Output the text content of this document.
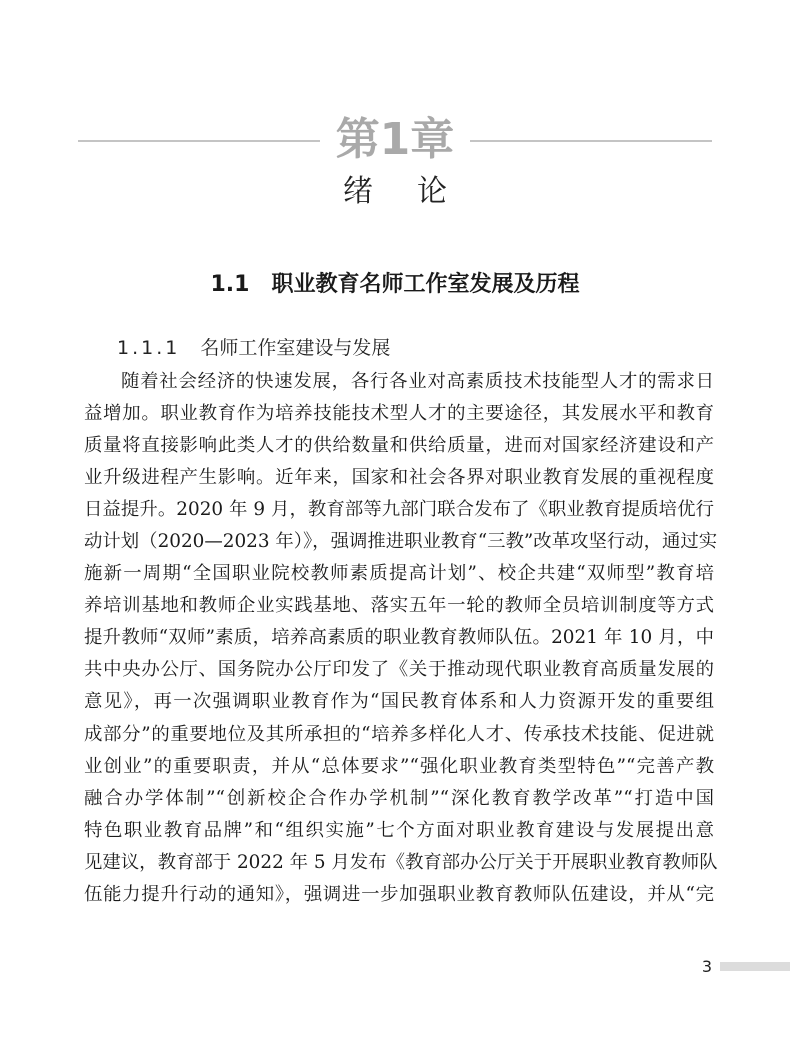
第1章
绪论
1.1 职业教育名师工作室发展及历程
1.1.1 名师工作室建设与发展
随着社会经济的快速发展，各行各业对高素质技术技能型人才的需求日
益增加。职业教育作为培养技能技术型人才的主要途径，其发展水平和教育
质量将直接影响此类人才的供给数量和供给质量，进而对国家经济建设和产
业升级进程产生影响。近年来，国家和社会各界对职业教育发展的重视程度
日益提升。2020 年 9 月，教育部等九部门联合发布了《职业教育提质培优行
动计划（2020—2023 年）》，强调推进职业教育“三教”改革攻坚行动，通过实
施新一周期“全国职业院校教师素质提高计划”、校企共建“双师型”教育培
养培训基地和教师企业实践基地、落实五年一轮的教师全员培训制度等方式
提升教师“双师”素质，培养高素质的职业教育教师队伍。2021 年 10 月，中
共中央办公厅、国务院办公厅印发了《关于推动现代职业教育高质量发展的
意见》，再一次强调职业教育作为“国民教育体系和人力资源开发的重要组
成部分”的重要地位及其所承担的“培养多样化人才、传承技术技能、促进就
业创业”的重要职责，并从“总体要求”“强化职业教育类型特色”“完善产教
融合办学体制”“创新校企合作办学机制”“深化教育教学改革”“打造中国
特色职业教育品牌”和“组织实施”七个方面对职业教育建设与发展提出意
见建议，教育部于 2022 年 5 月发布《教育部办公厅关于开展职业教育教师队
伍能力提升行动的通知》，强调进一步加强职业教育教师队伍建设，并从“完
3
